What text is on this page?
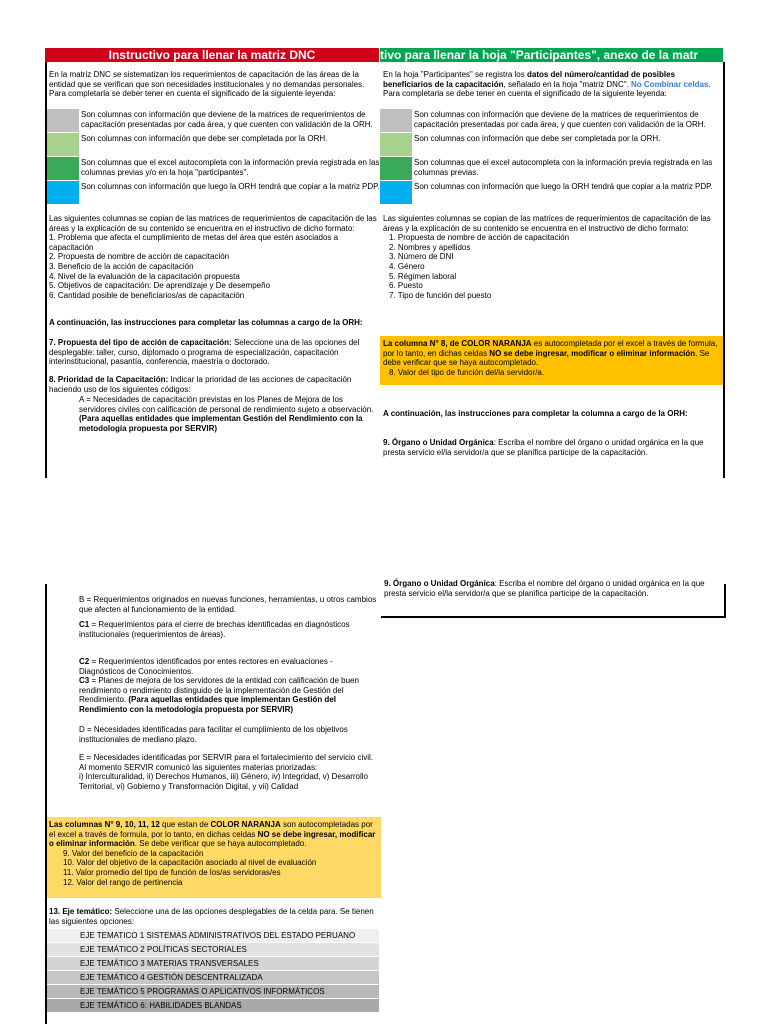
Instructivo para llenar la matriz DNC	tivo para llenar la hoja "Participantes", anexo de la matr

En la matriz DNC se sistematizan los requerimientos de capacitación de las áreas de la entidad que se verifican que son necesidades institucionales y no demandas personales. Para completarla se deber tener en cuenta el significado de la siguiente leyenda:

Son columnas con información que deviene de la matrices de requerimientos de capacitación presentadas por cada área, y que cuenten con validación de la ORH.
Son columnas con información que debe ser completada por la ORH.
Son columnas que el excel autocompleta con la información previa registrada en las columnas previas y/o en la hoja "participantes".
Son columnas con información que luego la ORH tendrá que copiar a la matriz PDP.

Las siguientes columnas se copian de las matrices de requerimientos de capacitación de las áreas y la explicación de su contenido se encuentra en el instructivo de dicho formato:

1. Problema que afecta el cumplimiento de metas del área que estén asociados a capacitación

2. Propuesta de nombre de acción de capacitación

3. Beneficio de la acción de capacitación

4. Nivel de la evaluación de la capacitación propuesta

5. Objetivos de capacitación: De aprendizaje y De desempeño

6. Cantidad posible de beneficiarios/as de capacitación

A continuación, las instrucciones para completar las columnas a cargo de la ORH:

7. Propuesta del tipo de acción de capacitación: Seleccione una de las opciones del desplegable: taller, curso, diplomado o programa de especialización, capacitación interinstitucional, pasantía, conferencia, maestría o doctorado.

8. Prioridad de la Capacitación: Indicar la prioridad de las acciones de capacitación haciendo uso de los siguientes códigos:

A = Necesidades de capacitación previstas en los Planes de Mejora de los servidores civiles con calificación de personal de rendimiento sujeto a observación. (Para aquellas entidades que implementan Gestión del Rendimiento con la metodología propuesta por SERVIR)

En la hoja "Participantes" se registra los datos del número/cantidad de posibles beneficiarios de la capacitación, señalado en la hoja "matriz DNC". No Combinar celdas. Para completarla se debe tener en cuenta el significado de la siguiente leyenda:

Son columnas con información que deviene de la matrices de requerimientos de capacitación presentadas por cada área, y que cuenten con validación de la ORH.
Son columnas con información que debe ser completada por la ORH.
Son columnas que el excel autocompleta con la información previa registrada en las columnas previas.
Son columnas con información que luego la ORH tendrá que copiar a la matriz PDP.

Las siguientes columnas se copian de las matrices de requerimientos de capacitación de las áreas y la explicación de su contenido se encuentra en el instructivo de dicho formato:

1. Propuesta de nombre de acción de capacitación

2. Nombres y apellidos

3. Número de DNI

4. Género

5. Régimen laboral

6. Puesto

7. Tipo de función del puesto

La columna N° 8, de COLOR NARANJA es autocompletada por el excel a través de formula, por lo tanto, en dichas celdas NO se debe ingresar, modificar o eliminar información. Se debe verificar que se haya autocompletado.

8. Valor del tipo de función del/la servidor/a.

A continuación, las instrucciones para completar la columna a cargo de la ORH:

9. Órgano o Unidad Orgánica: Escriba el nombre del órgano o unidad orgánica en la que presta servicio el/la servidor/a que se planifica participe de la capacitación.

9. Órgano o Unidad Orgánica: Escriba el nombre del órgano o unidad orgánica en la que presta servicio el/la servidor/a que se planifica participe de la capacitación.

B = Requerimientos originados en nuevas funciones, herramientas, u otros cambios que afecten al funcionamiento de la entidad.

C1 = Requerimientos para el cierre de brechas identificadas en diagnósticos institucionales (requerimientos de áreas).

C2 = Requerimientos identificados por entes rectores en evaluaciones - Diagnósticos de Conocimientos.

C3 = Planes de mejora de los servidores de la entidad con calificación de buen rendimiento o rendimiento distinguido de la implementación de Gestión del Rendimiento. (Para aquellas entidades que implementan Gestión del Rendimiento con la metodología propuesta por SERVIR)

D = Necesidades identificadas para facilitar el cumplimiento de los objetivos institucionales de mediano plazo.

E = Necesidades identificadas por SERVIR para el fortalecimiento del servicio civil. Al momento SERVIR comunicó las siguientes materias priorizadas:

i) Interculturalidad, ii) Derechos Humanos, iii) Género, iv) Integridad, v) Desarrollo Territorial, vi) Gobierno y Transformación Digital, y vii) Calidad

Las columnas N° 9, 10, 11, 12 que estan de COLOR NARANJA son autocompletadas por el excel a través de formula, por lo tanto, en dichas celdas NO se debe ingresar, modificar o eliminar información. Se debe verificar que se haya autocompletado.

9. Valor del beneficio de la capacitación

10. Valor del objetivo de la capacitación asociado al nivel de evaluación

11. Valor promedio del tipo de función de los/as servidoras/es

12. Valor del rango de pertinencia

13. Eje temático: Seleccione una de las opciones desplegables de la celda para. Se tienen las siguientes opciones:

EJE TEMATICO 1 SISTEMAS ADMINISTRATIVOS DEL ESTADO PERUANO
EJE TEMÁTICO 2 POLÍTICAS SECTORIALES
EJE TEMÁTICO 3 MATERIAS TRANSVERSALES
EJE TEMÁTICO 4 GESTIÓN DESCENTRALIZADA
EJE TEMÁTICO 5 PROGRAMAS O APLICATIVOS INFORMÁTICOS
EJE TEMÁTICO 6: HABILIDADES BLANDAS
